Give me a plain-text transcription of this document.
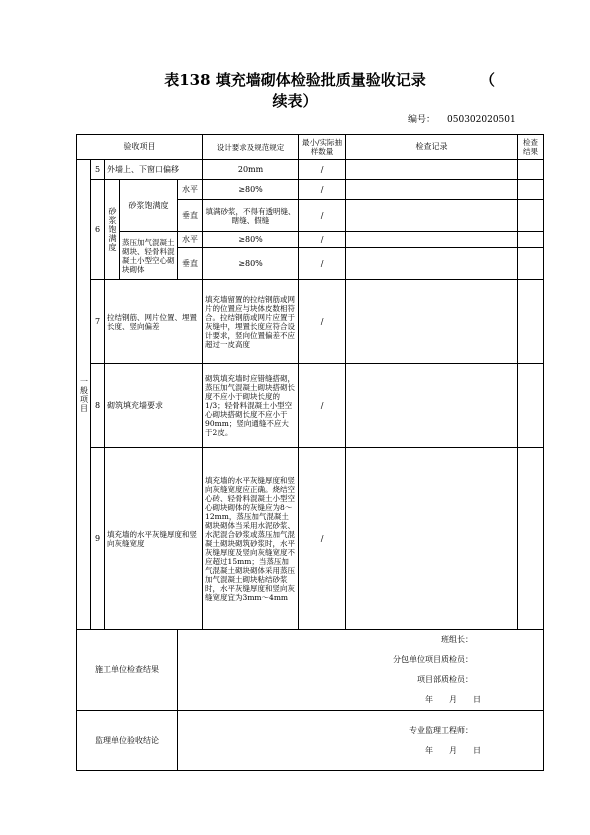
表138 填充墙砌体检验批质量验收记录	（
续表）
编号： 050302020501
验收项目					设计要求及规范规定	最小/实际抽样数量	检查记录	检查结果
一般项目	5	外墙上、下窗口偏移			20mm	/		
	6	砂浆饱满度	砂浆饱满度	水平	≥80%	/		
				垂直	填满砂浆，不得有透明缝、瞎缝、假缝	/		
			蒸压加气混凝土砌块、轻骨料混凝土小型空心砌块砌体	水平	≥80%	/		
				垂直	≥80%	/		
	7	拉结钢筋、网片位置、埋置长度、竖向偏差			填充墙留置的拉结钢筋或网片的位置应与块体皮数相符合。拉结钢筋或网片应置于灰缝中，埋置长度应符合设计要求，竖向位置偏差不应超过一皮高度	/		
	8	砌筑填充墙要求			砌筑填充墙时应错缝搭砌，蒸压加气混凝土砌块搭砌长度不应小于砌块长度的1/3；轻骨料混凝土小型空心砌块搭砌长度不应小于90mm；竖向通缝不应大于2皮。	/		
	9	填充墙的水平灰缝厚度和竖向灰缝宽度			填充墙的水平灰缝厚度和竖向灰缝宽度应正确。烧结空心砖、轻骨料混凝土小型空心砌块砌体的灰缝应为8～12mm，蒸压加气混凝土砌块砌体当采用水泥砂浆、水泥混合砂浆或蒸压加气混凝土砌块砌筑砂浆时，水平灰缝厚度及竖向灰缝宽度不应超过15mm；当蒸压加气混凝土砌块砌体采用蒸压加气混凝土砌块粘结砂浆时，水平灰缝厚度和竖向灰缝宽度宜为3mm～4mm	/		
施工单位检查结果				班组长：
分包单位项目质检员：
项目部质检员：
年　　月　　日				

监理单位验收结论				专业监理工程师：
年　　月　　日				
